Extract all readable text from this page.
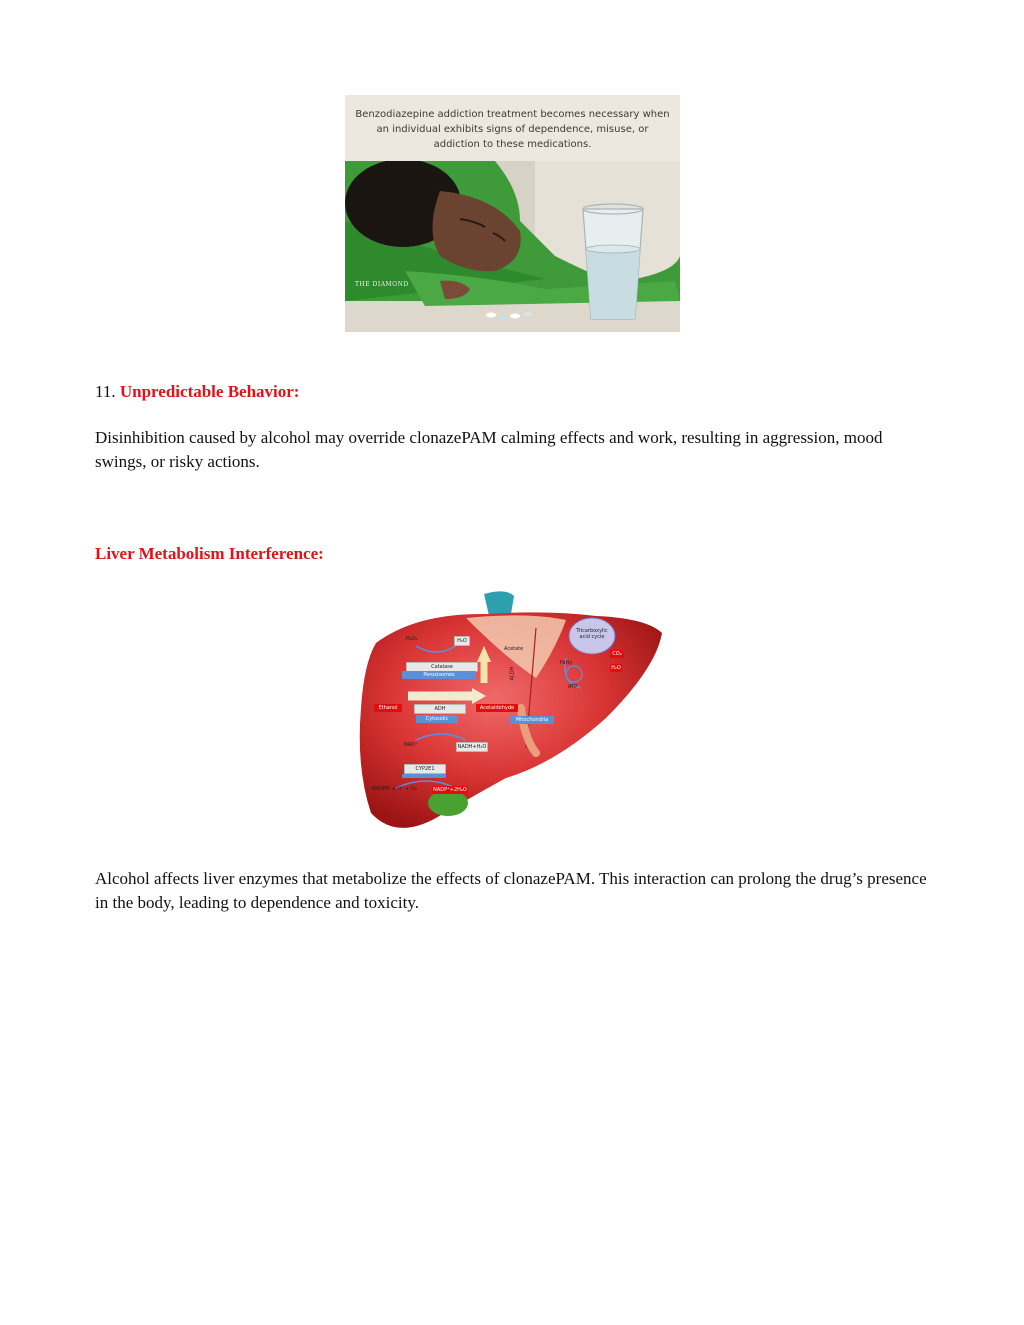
Benzodiazepine addiction treatment becomes necessary when an individual exhibits signs of dependence, misuse, or addiction to these medications.
THE DIAMOND
11. Unpredictable Behavior:
Disinhibition caused by alcohol may override clonazePAM calming effects and work, resulting in aggression, mood swings, or risky actions.
Liver Metabolism Interference:
H₂O₂	H₂O
Catalase
Peroxisomes
Ethanol	ADH	Acetaldehyde
Cytosolic
NAD⁺	NADH+H₂O
CYP2E1
NADPH + H⁺ + O₂	NADP⁺+2H₂O
Acetate
ALDH
Mitochondria
Tricarboxylic acid cycle
CO₂
Fatty
ATP
H₂O
Alcohol affects liver enzymes that metabolize the effects of clonazePAM. This interaction can prolong the drug’s presence in the body, leading to dependence and toxicity.
